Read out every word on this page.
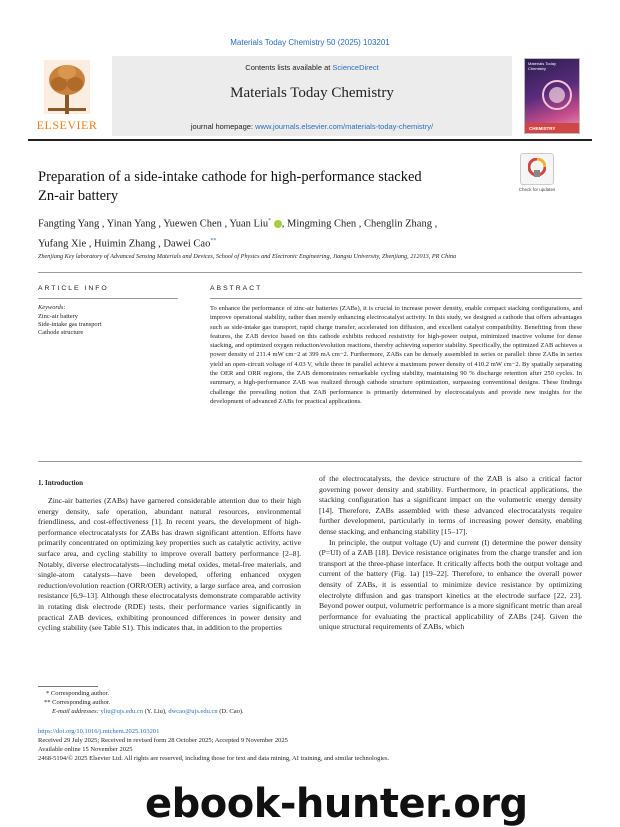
Materials Today Chemistry 50 (2025) 103201
ELSEVIER
Contents lists available at ScienceDirect
Materials Today Chemistry
journal homepage: www.journals.elsevier.com/materials-today-chemistry/
Materials Today Chemistry
CHEMISTRY
Preparation of a side-intake cathode for high-performance stacked
Zn-air battery	Check for updates
Fangting Yang , Yinan Yang , Yuewen Chen , Yuan Liu* , Mingming Chen , Chenglin Zhang ,
Yufang Xie , Huimin Zhang , Dawei Cao**
Zhenjiang Key laboratory of Advanced Sensing Materials and Devices, School of Physics and Electronic Engineering, Jiangsu University, Zhenjiang, 212013, PR China
ARTICLE INFO	ABSTRACT
Keywords:
Zinc-air battery
Side-intake gas transport
Cathode structure
To enhance the performance of zinc-air batteries (ZABs), it is crucial to increase power density, enable compact stacking configurations, and improve operational stability, rather than merely enhancing electrocatalyst activity. In this study, we designed a cathode that offers advantages such as side-intake gas transport, rapid charge transfer, accelerated ion diffusion, and excellent catalyst compatibility. Benefiting from these features, the ZAB device based on this cathode exhibits reduced resistivity for high-power output, minimized inactive volume for dense stacking, and optimized oxygen reduction/evolution reactions, thereby achieving superior stability. Specifically, the optimized ZAB achieves a power density of 211.4 mW cm−2 at 399 mA cm−2. Furthermore, ZABs can be densely assembled in series or parallel: three ZABs in series yield an open-circuit voltage of 4.03 V, while three in parallel achieve a maximum power density of 410.2 mW cm−2. By spatially separating the OER and ORR regions, the ZAB demonstrates remarkable cycling stability, maintaining 90 % discharge retention after 250 cycles. In summary, a high-performance ZAB was realized through cathode structure optimization, surpassing conventional designs. These findings challenge the prevailing notion that ZAB performance is primarily determined by electrocatalysts and provide new insights for the development of advanced ZABs for practical applications.
1. Introduction
Zinc-air batteries (ZABs) have garnered considerable attention due to their high energy density, safe operation, abundant natural resources, environmental friendliness, and cost-effectiveness [1]. In recent years, the development of high-performance electrocatalysts for ZABs has drawn significant attention. Efforts have primarily concentrated on optimizing key properties such as catalytic activity, active surface area, and cycling stability to improve overall battery performance [2–8]. Notably, diverse electrocatalysts—including metal oxides, metal-free materials, and single-atom catalysts—have been developed, offering enhanced oxygen reduction/evolution reaction (ORR/OER) activity, a large surface area, and corrosion resistance [6,9–13]. Although these electrocatalysts demonstrate comparable activity in rotating disk electrode (RDE) tests, their performance varies significantly in practical ZAB devices, exhibiting pronounced differences in power density and cycling stability (see Table S1). This indicates that, in addition to the properties
of the electrocatalysts, the device structure of the ZAB is also a critical factor governing power density and stability. Furthermore, in practical applications, the stacking configuration has a significant impact on the volumetric energy density [14]. Therefore, ZABs assembled with these advanced electrocatalysts require further development, particularly in terms of increasing power density, enabling dense stacking, and enhancing stability [15–17].
In principle, the output voltage (U) and current (I) determine the power density (P=UI) of a ZAB [18]. Device resistance originates from the charge transfer and ion transport at the three-phase interface. It critically affects both the output voltage and current of the battery (Fig. 1a) [19–22]. Therefore, to enhance the overall power density of ZABs, it is essential to minimize device resistance by optimizing electrolyte diffusion and gas transport kinetics at the electrode surface [22, 23]. Beyond power output, volumetric performance is a more significant metric than areal performance for evaluating the practical applicability of ZABs [24]. Given the unique structural requirements of ZABs, which
* Corresponding author.
** Corresponding author.
E-mail addresses: yliu@ujs.edu.cn (Y. Liu), dwcao@ujs.edu.cn (D. Cao).
https://doi.org/10.1016/j.mtchem.2025.103201
Received 29 July 2025; Received in revised form 28 October 2025; Accepted 9 November 2025
Available online 15 November 2025
2468-5194/© 2025 Elsevier Ltd. All rights are reserved, including those for text and data mining, AI training, and similar technologies.
ebook-hunter.org
